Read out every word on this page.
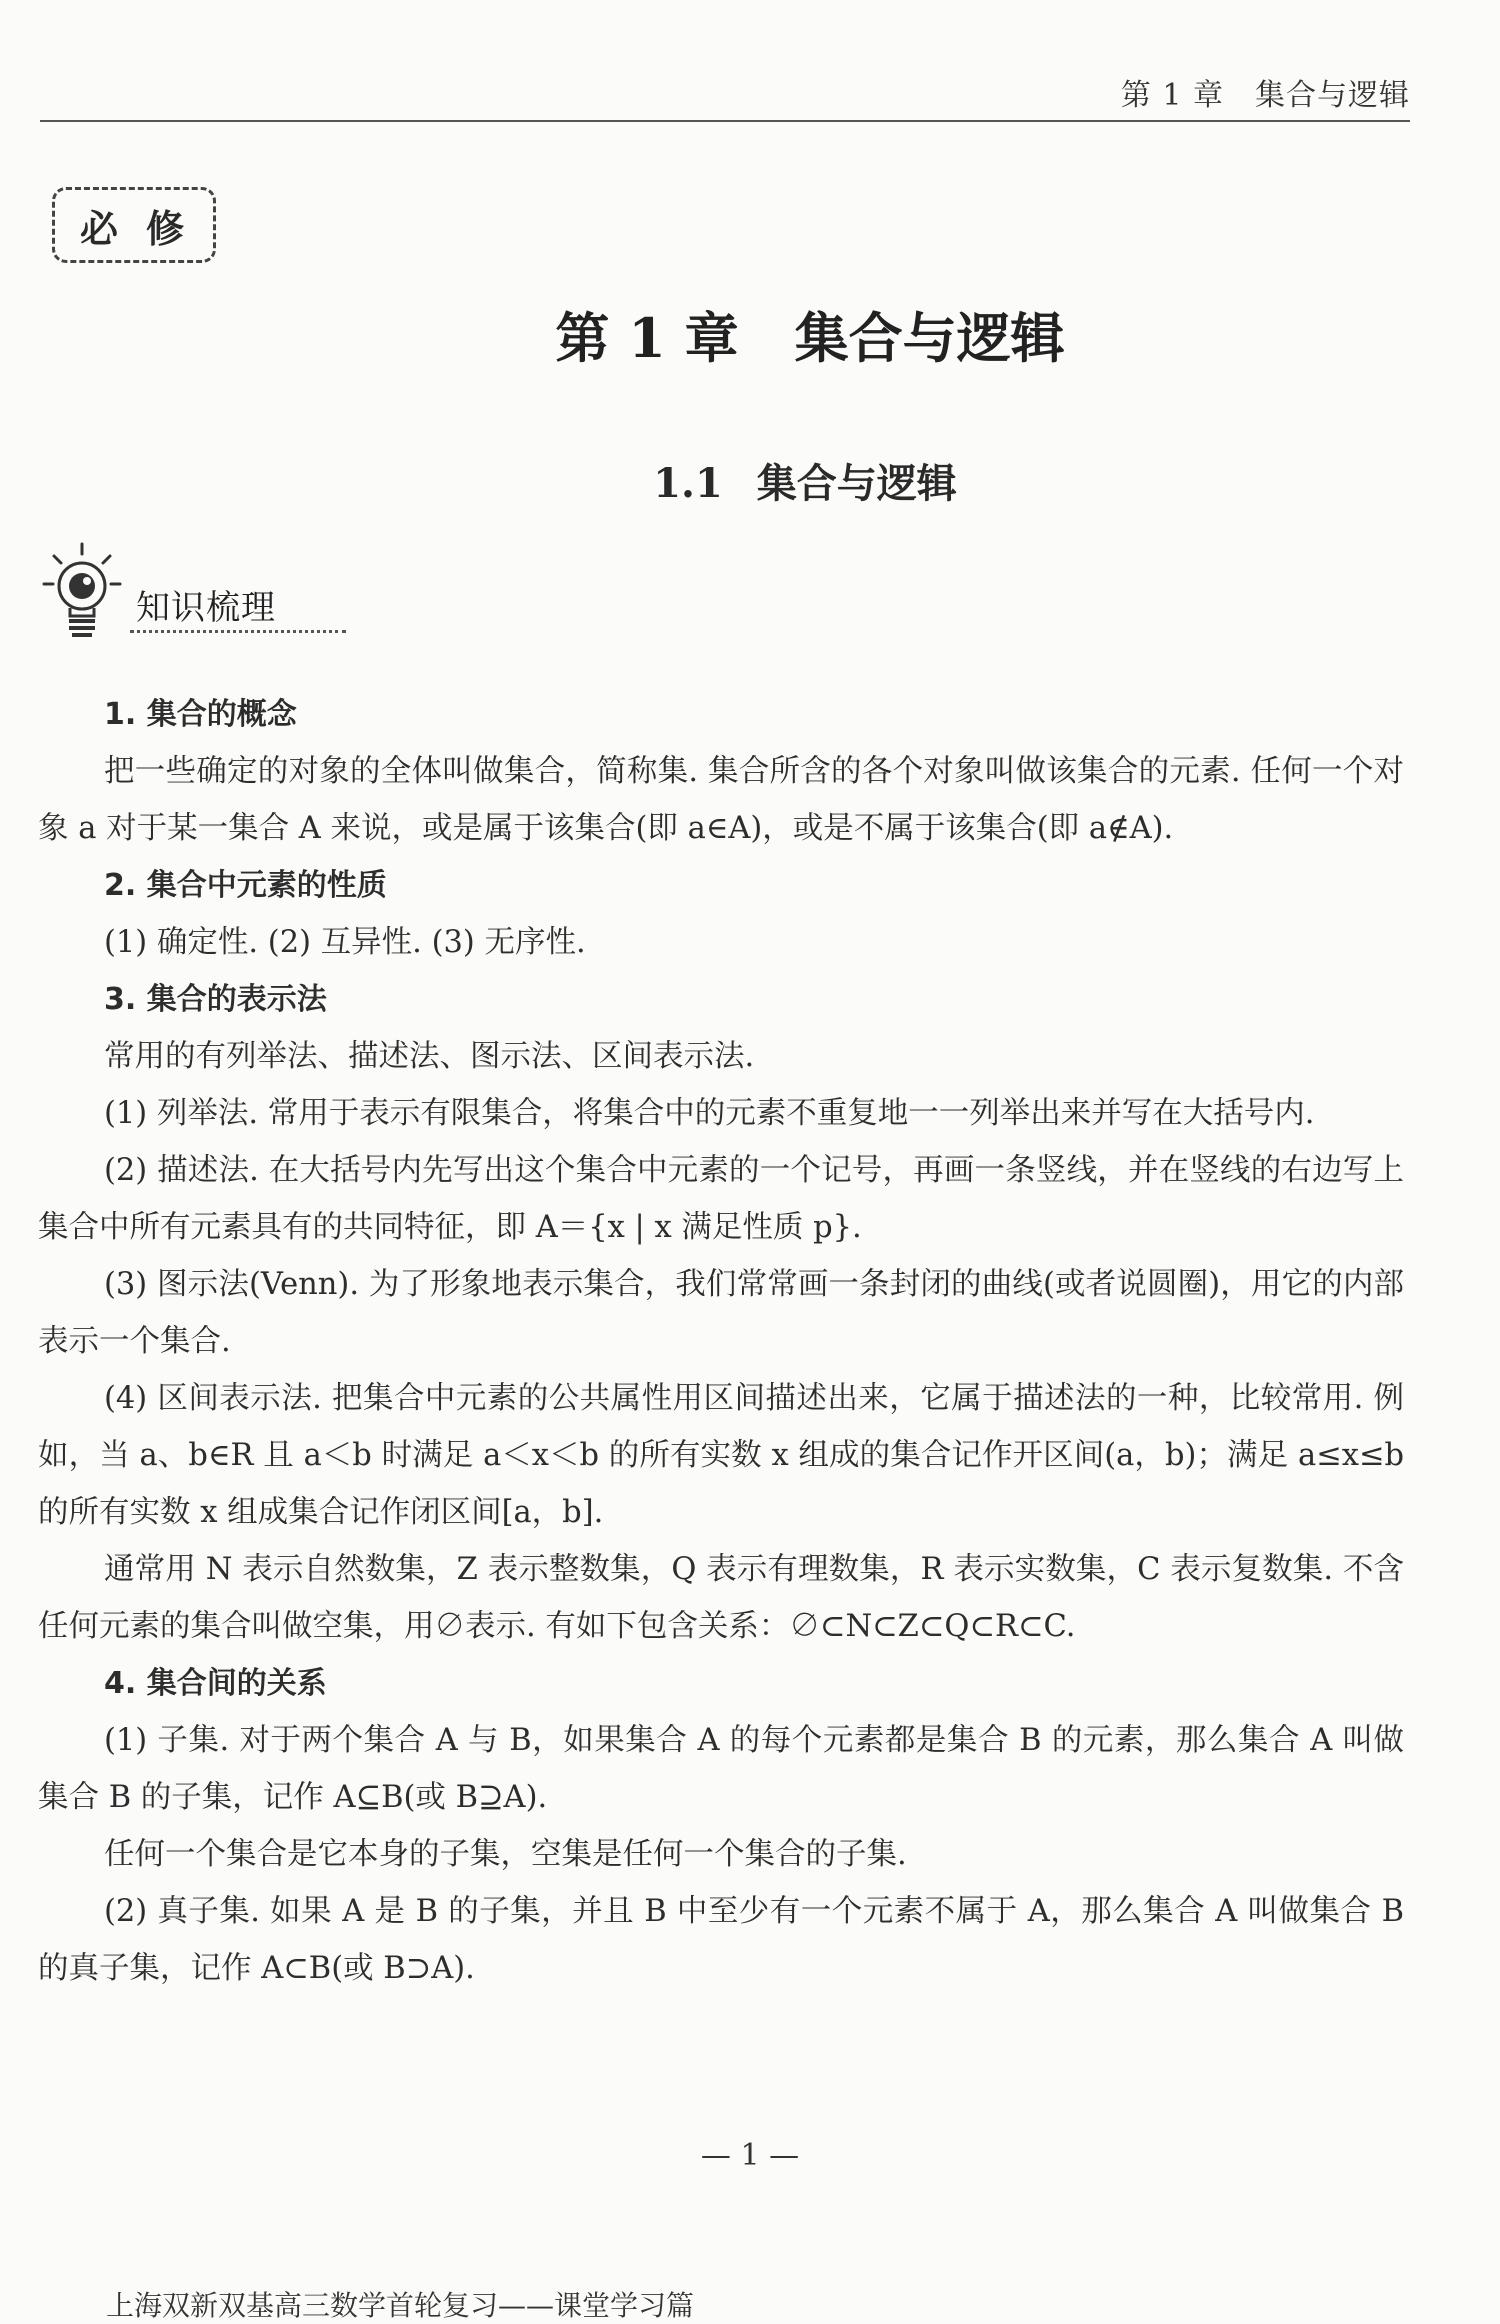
第 1 章　集合与逻辑
必修
第 1 章 集合与逻辑
1.1 集合与逻辑
知识梳理

1. 集合的概念

把一些确定的对象的全体叫做集合，简称集. 集合所含的各个对象叫做该集合的元素. 任何一个对象 a 对于某一集合 A 来说，或是属于该集合(即 a∈A)，或是不属于该集合(即 a∉A).

2. 集合中元素的性质

(1) 确定性. (2) 互异性. (3) 无序性.

3. 集合的表示法

常用的有列举法、描述法、图示法、区间表示法.

(1) 列举法. 常用于表示有限集合，将集合中的元素不重复地一一列举出来并写在大括号内.

(2) 描述法. 在大括号内先写出这个集合中元素的一个记号，再画一条竖线，并在竖线的右边写上集合中所有元素具有的共同特征，即 A＝{x | x 满足性质 p}.

(3) 图示法(Venn). 为了形象地表示集合，我们常常画一条封闭的曲线(或者说圆圈)，用它的内部表示一个集合.

(4) 区间表示法. 把集合中元素的公共属性用区间描述出来，它属于描述法的一种，比较常用. 例如，当 a、b∈R 且 a＜b 时满足 a＜x＜b 的所有实数 x 组成的集合记作开区间(a，b)；满足 a≤x≤b 的所有实数 x 组成集合记作闭区间[a，b].

通常用 N 表示自然数集，Z 表示整数集，Q 表示有理数集，R 表示实数集，C 表示复数集. 不含任何元素的集合叫做空集，用∅表示. 有如下包含关系：∅⊂N⊂Z⊂Q⊂R⊂C.

4. 集合间的关系

(1) 子集. 对于两个集合 A 与 B，如果集合 A 的每个元素都是集合 B 的元素，那么集合 A 叫做集合 B 的子集，记作 A⊆B(或 B⊇A).

任何一个集合是它本身的子集，空集是任何一个集合的子集.

(2) 真子集. 如果 A 是 B 的子集，并且 B 中至少有一个元素不属于 A，那么集合 A 叫做集合 B 的真子集，记作 A⊂B(或 B⊃A).

— 1 —
上海双新双基高三数学首轮复习——课堂学习篇
